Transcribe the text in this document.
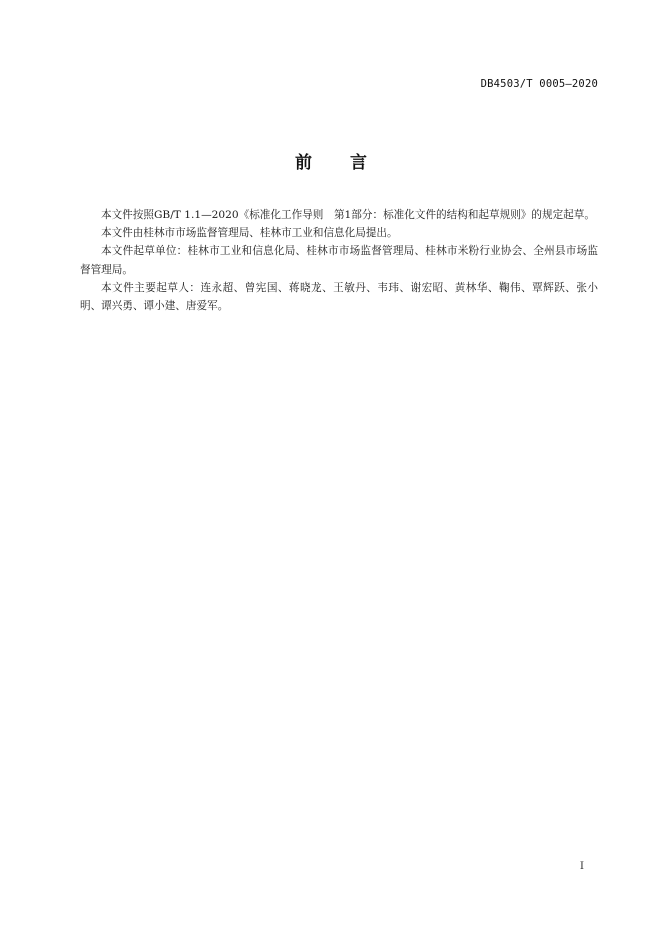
DB4503/T 0005—2020
前 言

本文件按照GB/T 1.1—2020《标准化工作导则　第1部分：标准化文件的结构和起草规则》的规定起草。

本文件由桂林市市场监督管理局、桂林市工业和信息化局提出。

本文件起草单位：桂林市工业和信息化局、桂林市市场监督管理局、桂林市米粉行业协会、全州县市场监督管理局。

本文件主要起草人：连永超、曾宪国、蒋晓龙、王敏丹、韦玮、谢宏昭、黄林华、鞠伟、覃辉跃、张小明、谭兴勇、谭小建、唐爱军。

I
